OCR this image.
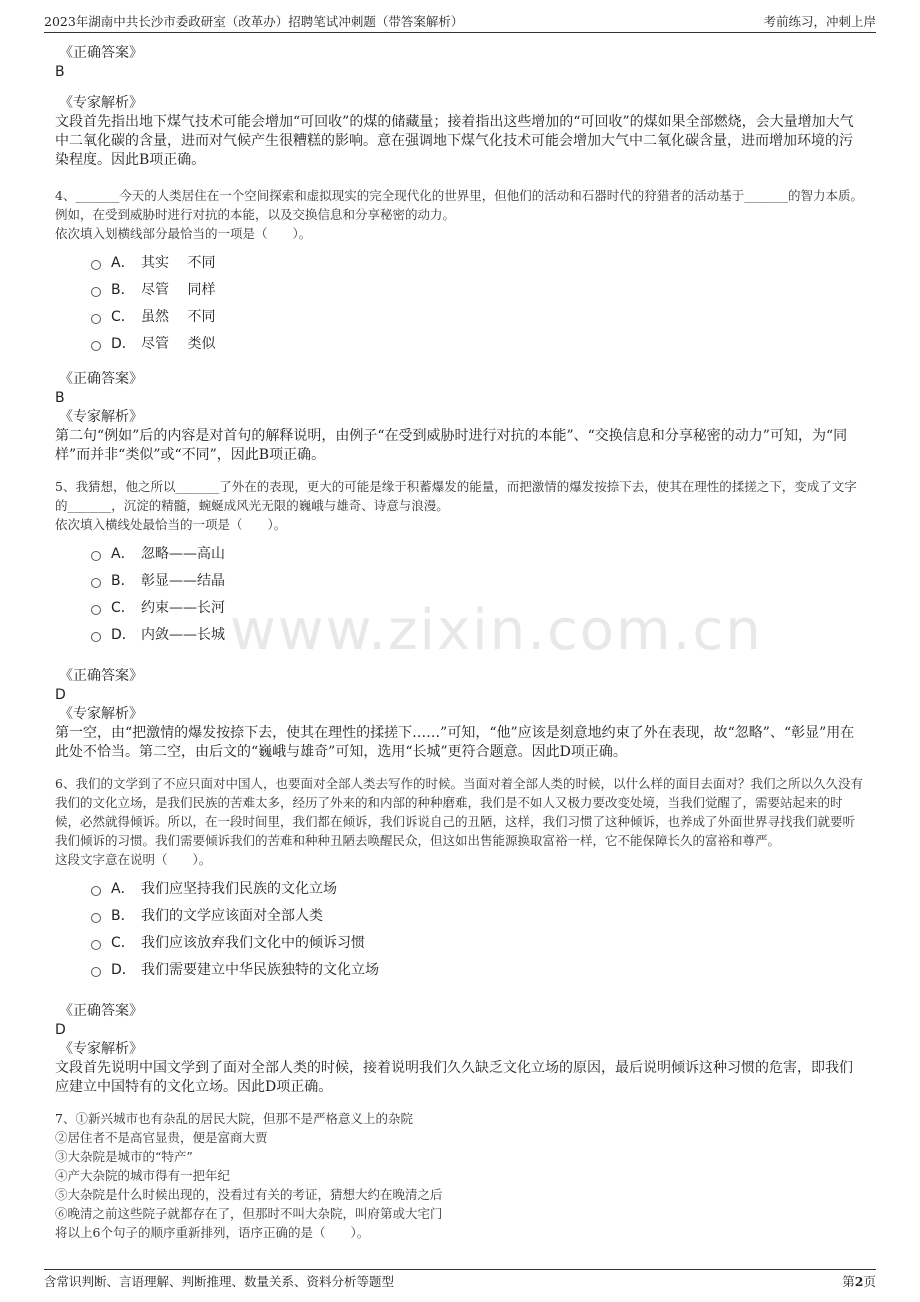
2023年湖南中共长沙市委政研室（改革办）招聘笔试冲刺题（带答案解析）	考前练习，冲刺上岸
www.zixin.com.cn
《正确答案》
B
《专家解析》
文段首先指出地下煤气技术可能会增加“可回收”的煤的储藏量；接着指出这些增加的“可回收”的煤如果全部燃烧，会大量增加大气中二氧化碳的含量，进而对气候产生很糟糕的影响。意在强调地下煤气化技术可能会增加大气中二氧化碳含量，进而增加环境的污染程度。因此B项正确。
4、_______今天的人类居住在一个空间探索和虚拟现实的完全现代化的世界里，但他们的活动和石器时代的狩猎者的活动基于_______的智力本质。例如，在受到威胁时进行对抗的本能，以及交换信息和分享秘密的动力。
依次填入划横线部分最恰当的一项是（　　）。
A． 其实　 不同
B． 尽管　 同样
C． 虽然　 不同
D． 尽管　 类似
《正确答案》
B
《专家解析》
第二句“例如”后的内容是对首句的解释说明，由例子“在受到威胁时进行对抗的本能”、“交换信息和分享秘密的动力”可知，为“同样”而并非“类似”或“不同”，因此B项正确。
5、我猜想，他之所以_______了外在的表现，更大的可能是缘于积蓄爆发的能量，而把激情的爆发按捺下去，使其在理性的揉搓之下，变成了文字的_______，沉淀的精髓，蜿蜒成风光无限的巍峨与雄奇、诗意与浪漫。
依次填入横线处最恰当的一项是（　　）。
A． 忽略——高山
B． 彰显——结晶
C． 约束——长河
D． 内敛——长城
《正确答案》
D
《专家解析》
第一空，由“把激情的爆发按捺下去，使其在理性的揉搓下……”可知，“他”应该是刻意地约束了外在表现，故“忽略”、“彰显”用在此处不恰当。第二空，由后文的“巍峨与雄奇”可知，选用“长城”更符合题意。因此D项正确。
6、我们的文学到了不应只面对中国人，也要面对全部人类去写作的时候。当面对着全部人类的时候，以什么样的面目去面对？我们之所以久久没有我们的文化立场，是我们民族的苦难太多，经历了外来的和内部的种种磨难，我们是不如人又极力要改变处境，当我们觉醒了，需要站起来的时候，必然就得倾诉。所以，在一段时间里，我们都在倾诉，我们诉说自己的丑陋，这样，我们习惯了这种倾诉，也养成了外面世界寻找我们就要听我们倾诉的习惯。我们需要倾诉我们的苦难和种种丑陋去唤醒民众，但这如出售能源换取富裕一样，它不能保障长久的富裕和尊严。
这段文字意在说明（　　）。
A． 我们应坚持我们民族的文化立场
B． 我们的文学应该面对全部人类
C． 我们应该放弃我们文化中的倾诉习惯
D． 我们需要建立中华民族独特的文化立场
《正确答案》
D
《专家解析》
文段首先说明中国文学到了面对全部人类的时候，接着说明我们久久缺乏文化立场的原因，最后说明倾诉这种习惯的危害，即我们应建立中国特有的文化立场。因此D项正确。
7、①新兴城市也有杂乱的居民大院，但那不是严格意义上的杂院
②居住者不是高官显贵，便是富商大贾
③大杂院是城市的“特产”
④产大杂院的城市得有一把年纪
⑤大杂院是什么时候出现的，没看过有关的考证，猜想大约在晚清之后
⑥晚清之前这些院子就都存在了，但那时不叫大杂院，叫府第或大宅门
将以上6个句子的顺序重新排列，语序正确的是（　　）。
含常识判断、言语理解、判断推理、数量关系、资料分析等题型	第2页
